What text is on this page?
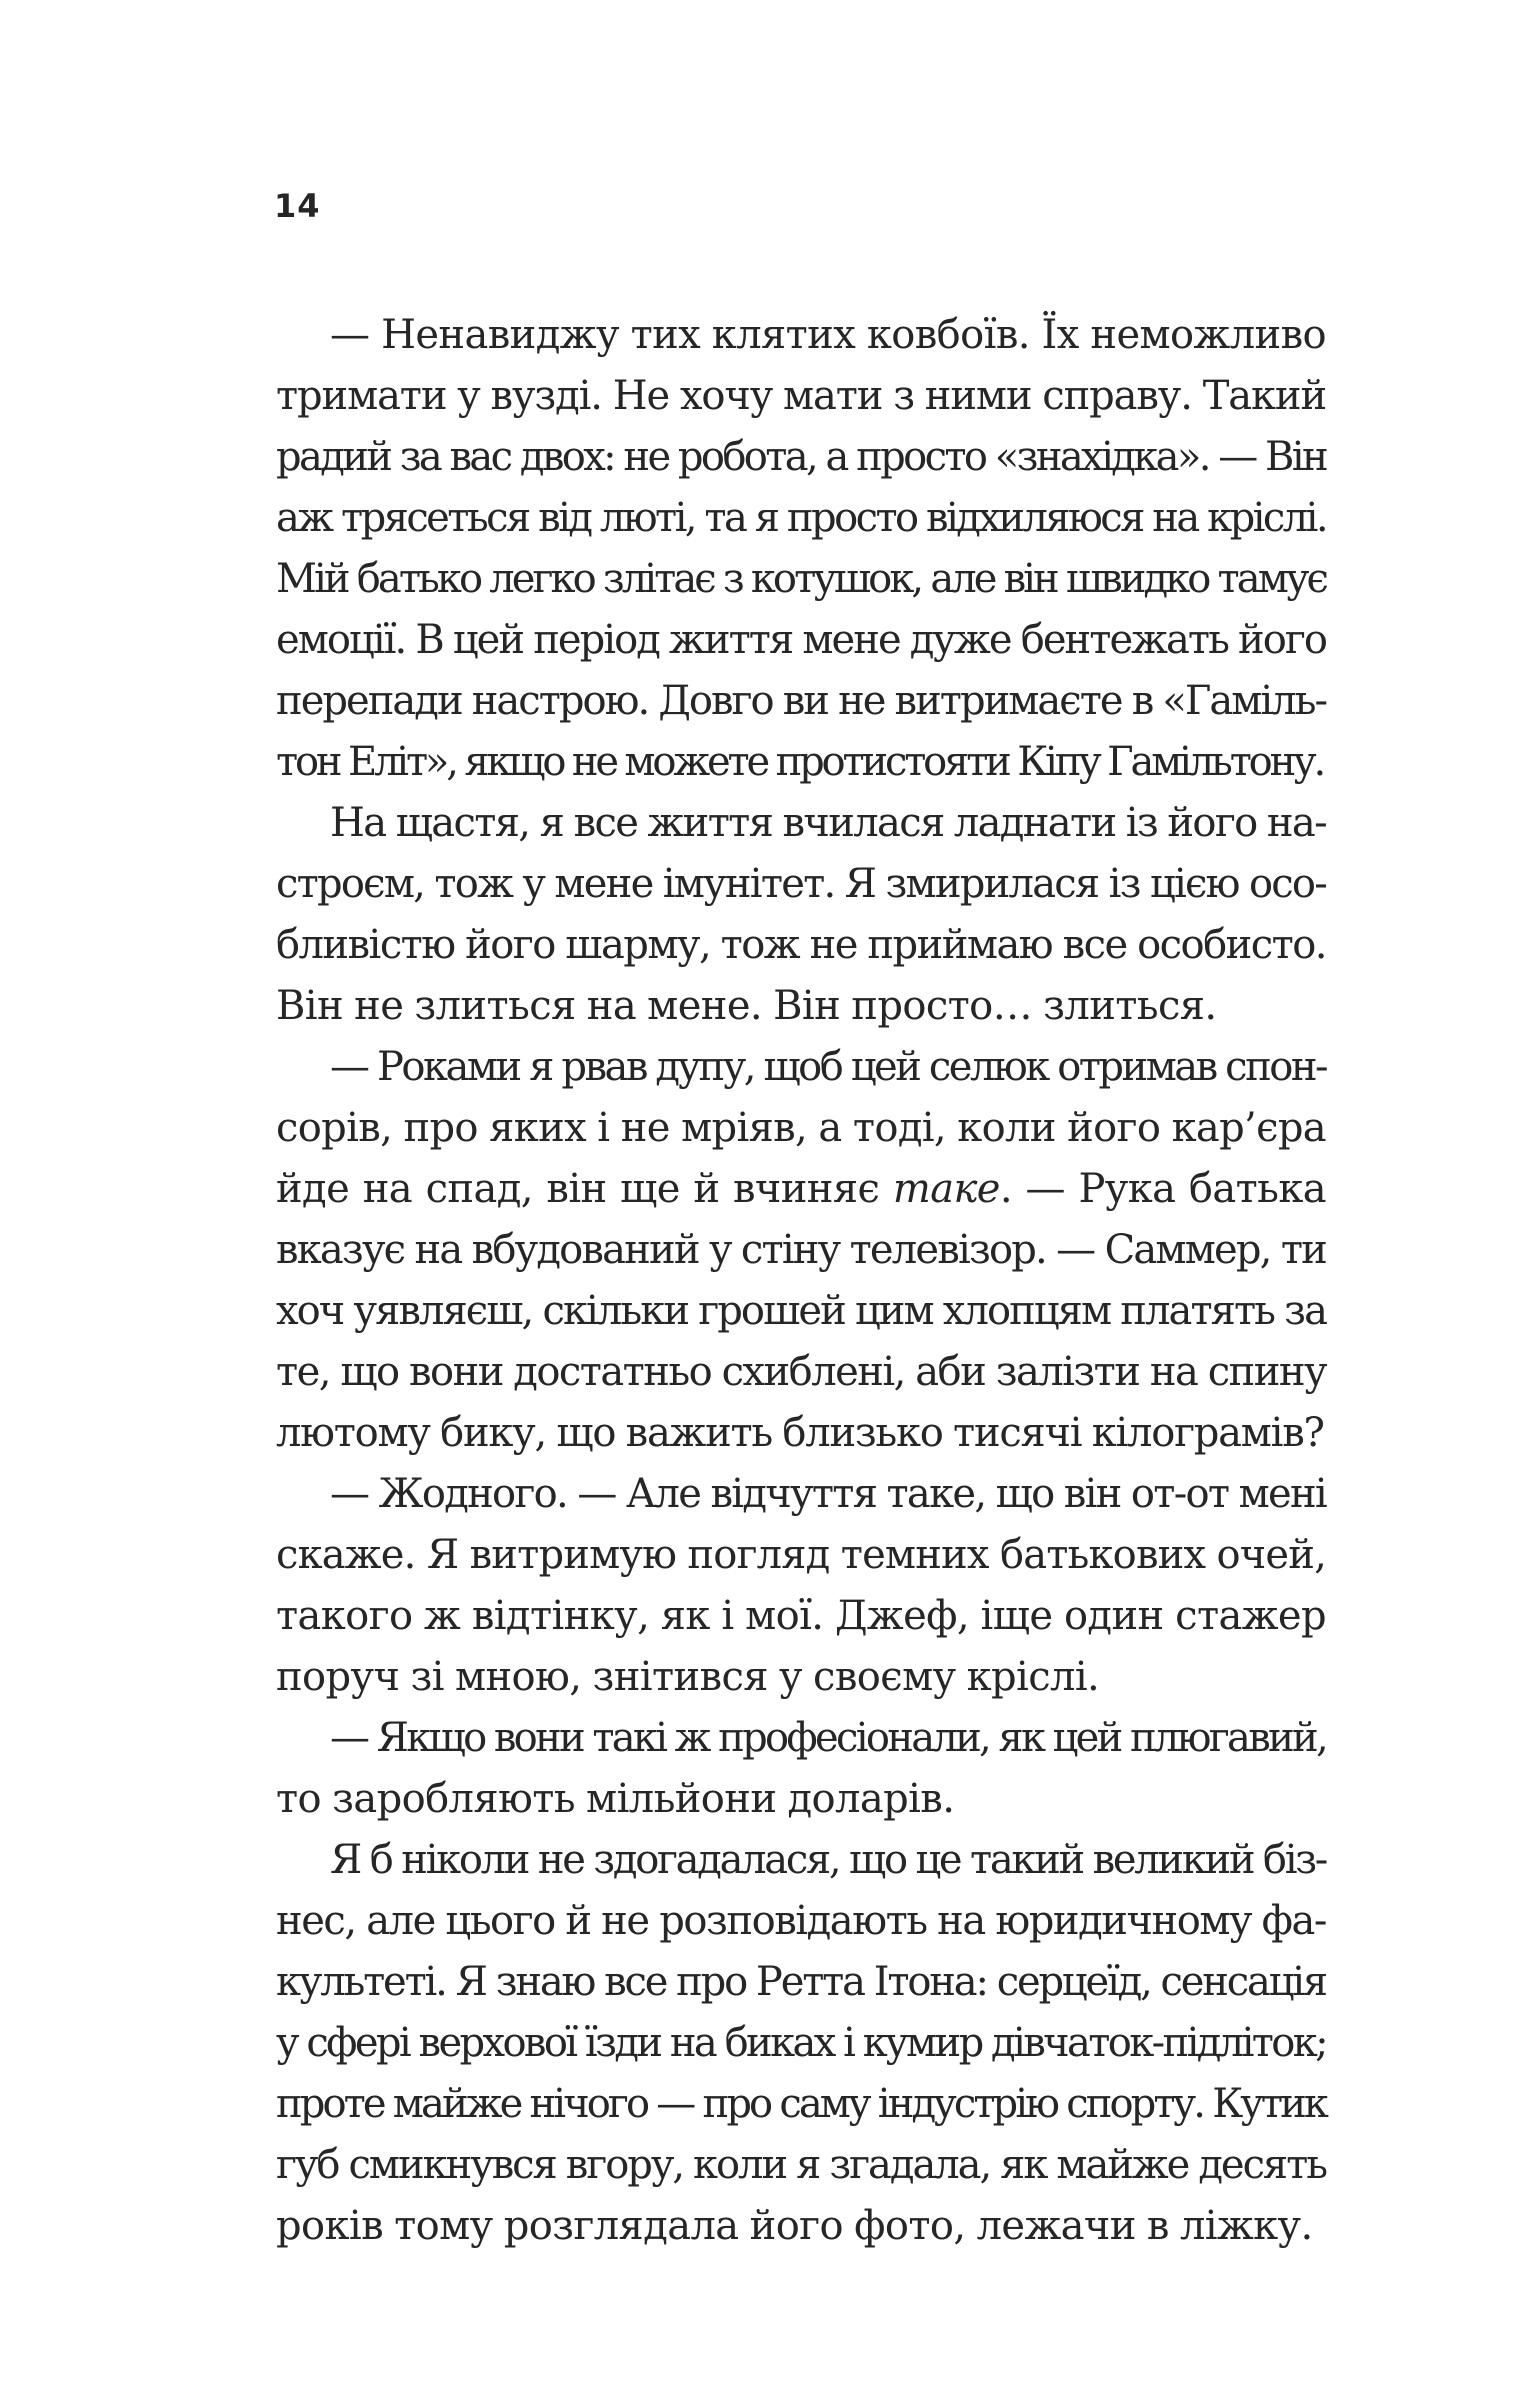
14

— Ненавиджу тих клятих ковбоїв. Їх неможливо
тримати у вузді. Не хочу мати з ними справу. Такий
радий за вас двох: не робота, а просто «знахідка». — Він
аж трясеться від люті, та я просто відхиляюся на кріслі.
Мій батько легко злітає з котушок, але він швидко тамує
емоції. В цей період життя мене дуже бентежать його
перепади настрою. Довго ви не витримаєте в «Гаміль-
тон Еліт», якщо не можете протистояти Кіпу Гамільтону.

На щастя, я все життя вчилася ладнати із його на-
строєм, тож у мене імунітет. Я змирилася із цією осо-
бливістю його шарму, тож не приймаю все особисто.
Він не злиться на мене. Він просто… злиться.

— Роками я рвав дупу, щоб цей селюк отримав спон-
сорів, про яких і не мріяв, а тоді, коли його кар’єра
йде на спад, він ще й вчиняє таке. — Рука батька
вказує на вбудований у стіну телевізор. — Саммер, ти
хоч уявляєш, скільки грошей цим хлопцям платять за
те, що вони достатньо схиблені, аби залізти на спину
лютому бику, що важить близько тисячі кілограмів?

— Жодного. — Але відчуття таке, що він от-от мені
скаже. Я витримую погляд темних батькових очей,
такого ж відтінку, як і мої. Джеф, іще один стажер
поруч зі мною, знітився у своєму кріслі.

— Якщо вони такі ж професіонали, як цей плюгавий,
то заробляють мільйони доларів.

Я б ніколи не здогадалася, що це такий великий біз-
нес, але цього й не розповідають на юридичному фа-
культеті. Я знаю все про Ретта Ітона: серцеїд, сенсація
у сфері верхової їзди на биках і кумир дівчаток-підліток;
проте майже нічого — про саму індустрію спорту. Кутик
губ смикнувся вгору, коли я згадала, як майже десять
років тому розглядала його фото, лежачи в ліжку.
